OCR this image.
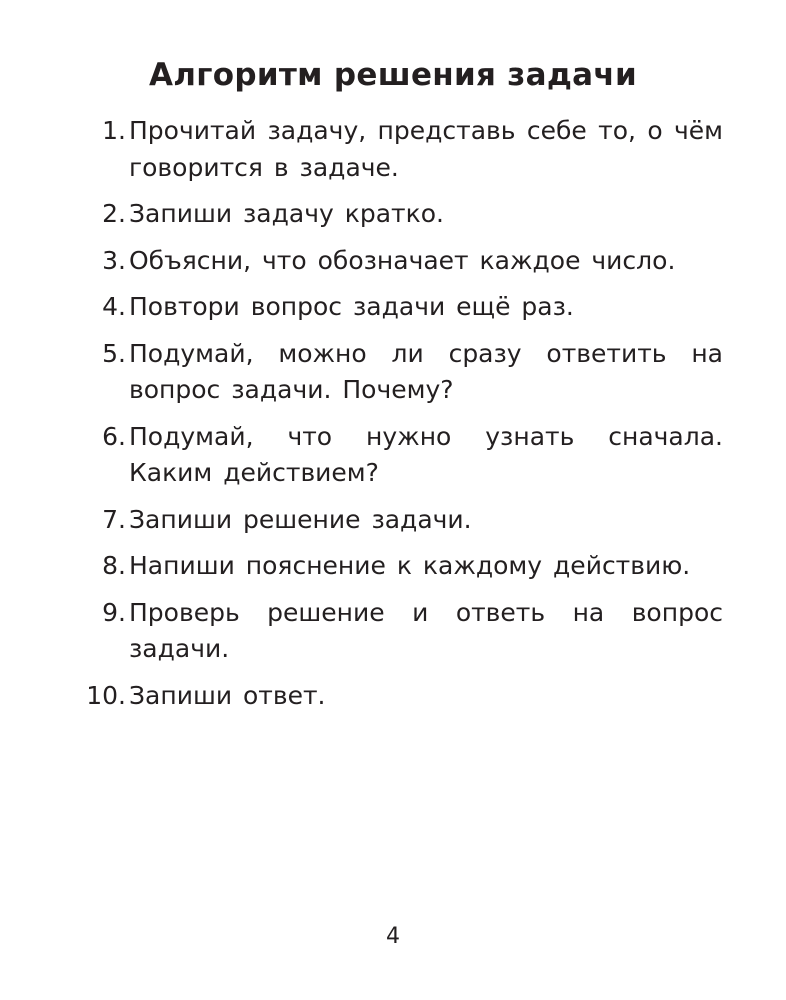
Алгоритм решения задачи
1. Прочитай задачу, представь себе то, о чём говорится в задаче.
2. Запиши задачу кратко.
3. Объясни, что обозначает каждое число.
4. Повтори вопрос задачи ещё раз.
5. Подумай, можно ли сразу ответить на вопрос задачи. Почему?
6. Подумай, что нужно узнать сначала. Каким действием?
7. Запиши решение задачи.
8. Напиши пояснение к каждому действию.
9. Проверь решение и ответь на вопрос задачи.
10. Запиши ответ.
4
